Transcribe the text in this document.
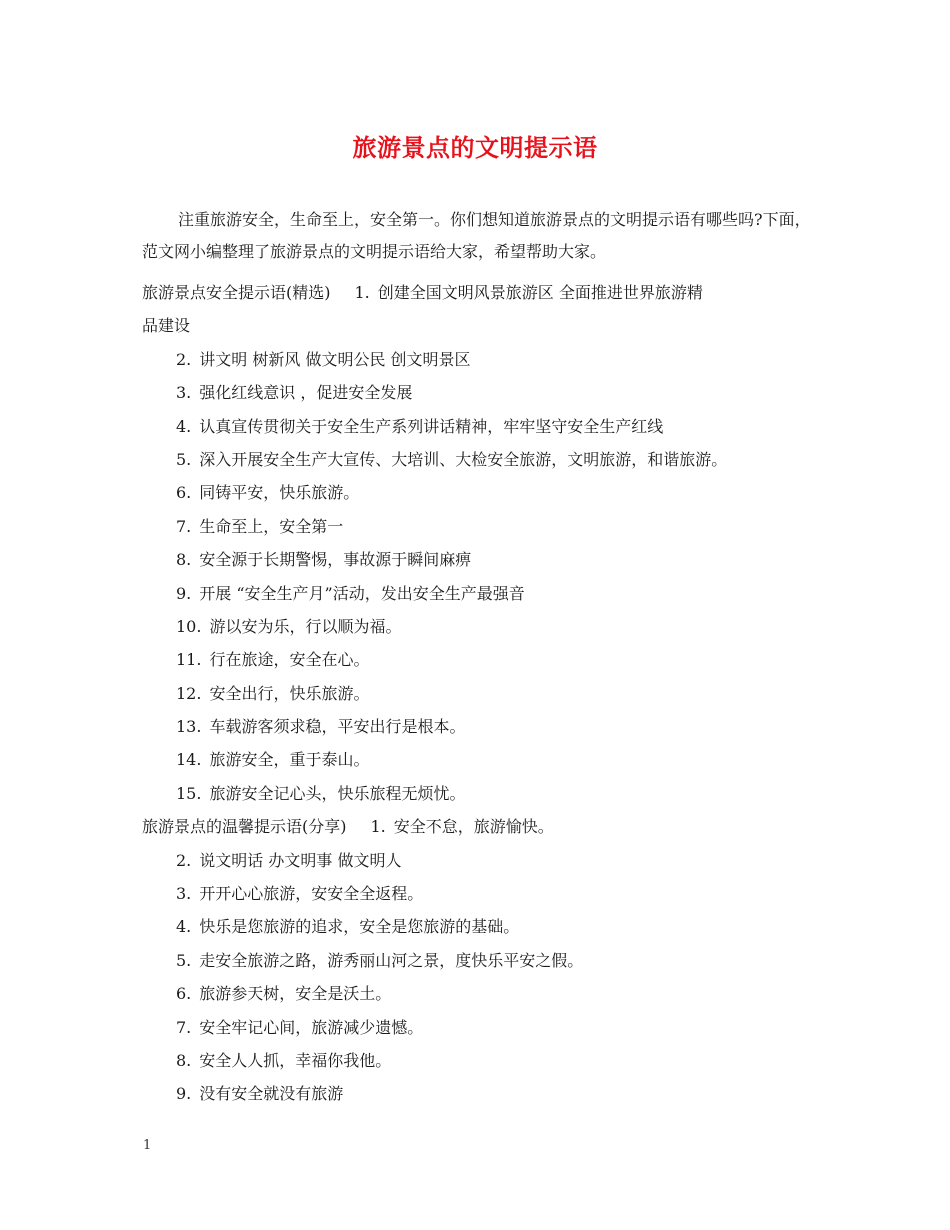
旅游景点的文明提示语

注重旅游安全，生命至上，安全第一。你们想知道旅游景点的文明提示语有哪些吗?下面，范文网小编整理了旅游景点的文明提示语给大家，希望帮助大家。

旅游景点安全提示语(精选) 1. 创建全国文明风景旅游区 全面推进世界旅游精
品建设
2. 讲文明 树新风 做文明公民 创文明景区
3. 强化红线意识 ，促进安全发展
4. 认真宣传贯彻关于安全生产系列讲话精神，牢牢坚守安全生产红线
5. 深入开展安全生产大宣传、大培训、大检安全旅游，文明旅游，和谐旅游。
6. 同铸平安，快乐旅游。
7. 生命至上，安全第一
8. 安全源于长期警惕，事故源于瞬间麻痹
9. 开展 “安全生产月”活动，发出安全生产最强音
10. 游以安为乐，行以顺为福。
11. 行在旅途，安全在心。
12. 安全出行，快乐旅游。
13. 车载游客须求稳，平安出行是根本。
14. 旅游安全，重于泰山。
15. 旅游安全记心头，快乐旅程无烦忧。
旅游景点的温馨提示语(分享) 1. 安全不怠，旅游愉快。
2. 说文明话 办文明事 做文明人
3. 开开心心旅游，安安全全返程。
4. 快乐是您旅游的追求，安全是您旅游的基础。
5. 走安全旅游之路，游秀丽山河之景，度快乐平安之假。
6. 旅游参天树，安全是沃土。
7. 安全牢记心间，旅游减少遗憾。
8. 安全人人抓，幸福你我他。
9. 没有安全就没有旅游
1
